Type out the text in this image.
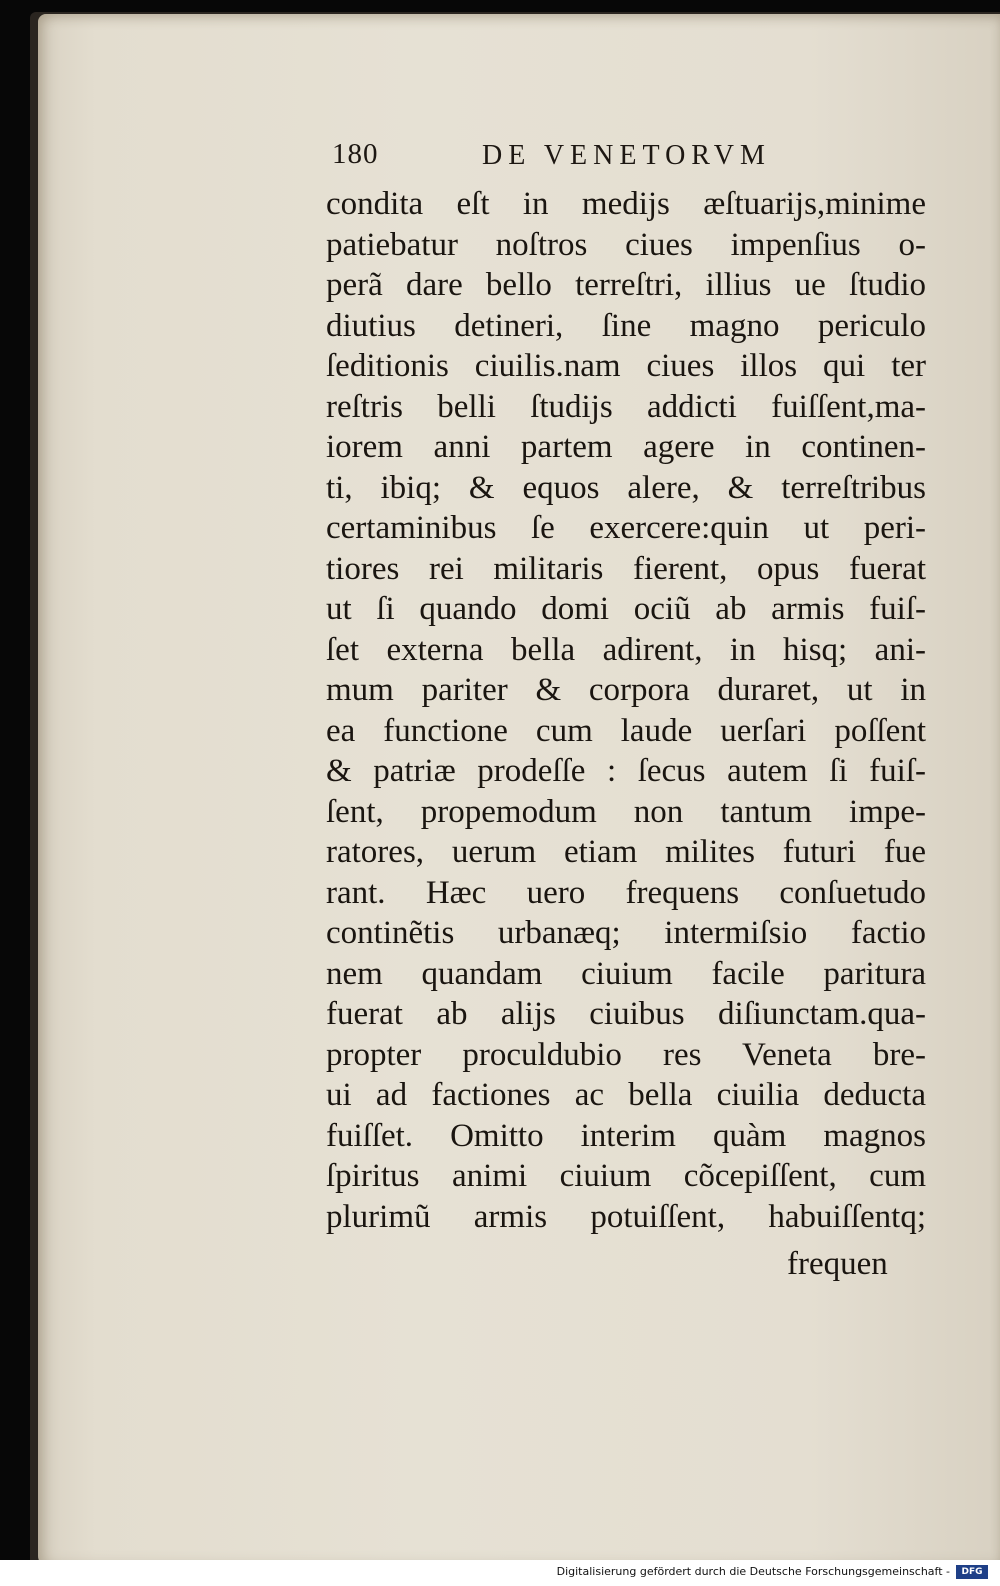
180	DE VENETORVM
condita eſt in medijs æſtuarijs,minime
patiebatur noſtros ciues impenſius o-
perã dare bello terreſtri, illius ue ſtudio
diutius detineri, ſine magno periculo
ſeditionis ciuilis.nam ciues illos qui ter
reſtris belli ſtudijs addicti fuiſſent,ma-
iorem anni partem agere in continen-
ti, ibiq; & equos alere, & terreſtribus
certaminibus ſe exercere:quin ut peri-
tiores rei militaris fierent, opus fuerat
ut ſi quando domi ociũ ab armis fuiſ-
ſet externa bella adirent, in hisq; ani-
mum pariter & corpora duraret, ut in
ea functione cum laude uerſari poſſent
& patriæ prodeſſe : ſecus autem ſi fuiſ-
ſent, propemodum non tantum impe-
ratores, uerum etiam milites futuri fue
rant. Hæc uero frequens conſuetudo
continẽtis urbanæq; intermiſsio factio
nem quandam ciuium facile paritura
fuerat ab alijs ciuibus diſiunctam.qua-
propter proculdubio res Veneta bre-
ui ad factiones ac bella ciuilia deducta
fuiſſet. Omitto interim quàm magnos
ſpiritus animi ciuium cõcepiſſent, cum
plurimũ armis potuiſſent, habuiſſentq;
frequen
Digitalisierung gefördert durch die Deutsche Forschungsgemeinschaft -	DFG
